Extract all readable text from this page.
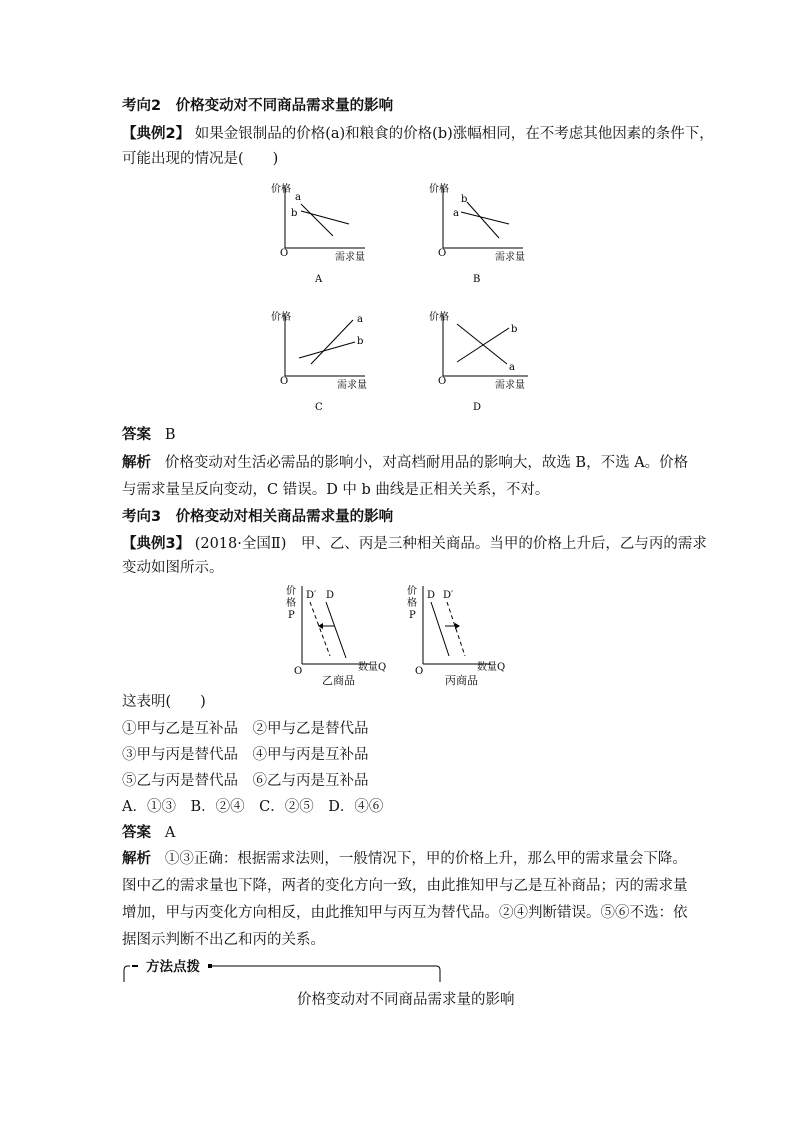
考向2　价格变动对不同商品需求量的影响
【典例2】 如果金银制品的价格(a)和粮食的价格(b)涨幅相同，在不考虑其他因素的条件下，
可能出现的情况是(　　)
价格
O	需求量
a
b
A
价格
O	需求量
b
a
B
价格
O	需求量
a
b
C
价格
O	需求量
a
b
D
答案 B
解析 价格变动对生活必需品的影响小，对高档耐用品的影响大，故选 B，不选 A。价格
与需求量呈反向变动，C 错误。D 中 b 曲线是正相关关系，不对。
考向3　价格变动对相关商品需求量的影响
【典例3】 (2018·全国Ⅱ)　甲、乙、丙是三种相关商品。当甲的价格上升后，乙与丙的需求
变动如图所示。
价
格
P
O	数量Q
D′ D
乙商品
价
格
P
O	数量Q
D D′
丙商品
这表明(　　)
①甲与乙是互补品　②甲与乙是替代品
③甲与丙是替代品　④甲与丙是互补品
⑤乙与丙是替代品　⑥乙与丙是互补品
A．①③　B．②④　C．②⑤　D．④⑥
答案 A
解析 ①③正确：根据需求法则，一般情况下，甲的价格上升，那么甲的需求量会下降。
图中乙的需求量也下降，两者的变化方向一致，由此推知甲与乙是互补商品；丙的需求量
增加，甲与丙变化方向相反，由此推知甲与丙互为替代品。②④判断错误。⑤⑥不选：依
据图示判断不出乙和丙的关系。
方法点拨
价格变动对不同商品需求量的影响
